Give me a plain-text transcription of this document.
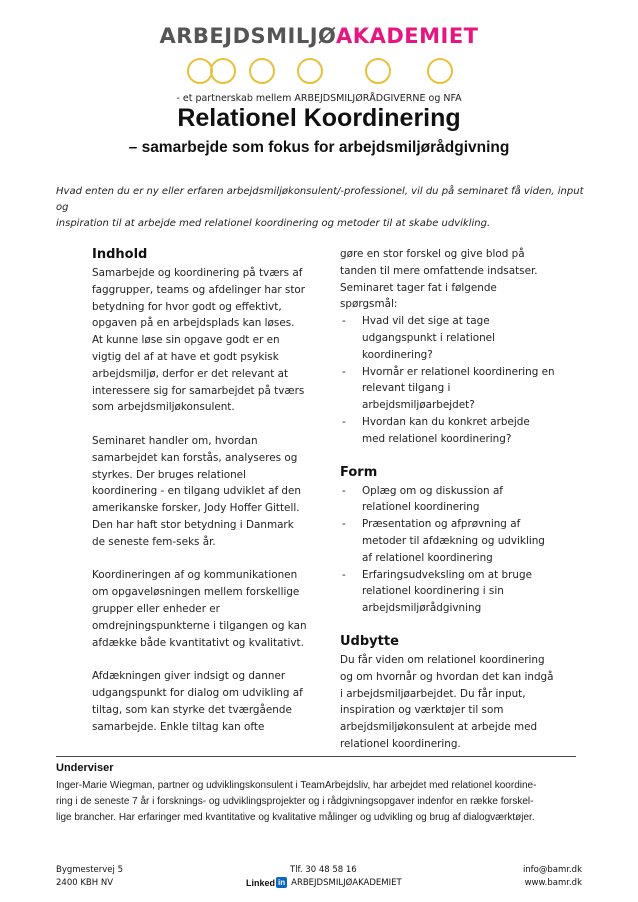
ARBEJDSMILJØAKADEMIET
- et partnerskab mellem ARBEJDSMILJØRÅDGIVERNE og NFA
Relationel Koordinering
– samarbejde som fokus for arbejdsmiljørådgivning
Hvad enten du er ny eller erfaren arbejdsmiljøkonsulent/-professionel, vil du på seminaret få viden, input og
inspiration til at arbejde med relationel koordinering og metoder til at skabe udvikling.
Indhold

Samarbejde og koordinering på tværs af faggrupper, teams og afdelinger har stor betydning for hvor godt og effektivt, opgaven på en arbejdsplads kan løses. At kunne løse sin opgave godt er en vigtig del af at have et godt psykisk arbejdsmiljø, derfor er det relevant at interessere sig for samarbejdet på tværs som arbejdsmiljøkonsulent.

Seminaret handler om, hvordan samarbejdet kan forstås, analyseres og styrkes. Der bruges relationel koordinering - en tilgang udviklet af den amerikanske forsker, Jody Hoffer Gittell. Den har haft stor betydning i Danmark de seneste fem-seks år.

Koordineringen af og kommunikationen om opgaveløsningen mellem forskellige grupper eller enheder er omdrejningspunkterne i tilgangen og kan afdække både kvantitativt og kvalitativt.

Afdækningen giver indsigt og danner udgangspunkt for dialog om udvikling af tiltag, som kan styrke det tværgående samarbejde. Enkle tiltag kan ofte

gøre en stor forskel og give blod på tanden til mere omfattende indsatser.

Seminaret tager fat i følgende spørgsmål:

- Hvad vil det sige at tage udgangspunkt i relationel koordinering?
- Hvornår er relationel koordinering en relevant tilgang i arbejdsmiljøarbejdet?
- Hvordan kan du konkret arbejde med relationel koordinering?
Form
- Oplæg om og diskussion af relationel koordinering
- Præsentation og afprøvning af metoder til afdækning og udvikling af relationel koordinering
- Erfaringsudveksling om at bruge relationel koordinering i sin arbejdsmiljørådgivning
Udbytte

Du får viden om relationel koordinering og om hvornår og hvordan det kan indgå i arbejdsmiljøarbejdet. Du får input, inspiration og værktøjer til som arbejdsmiljøkonsulent at arbejde med relationel koordinering.

Underviser
Inger-Marie Wiegman, partner og udviklingskonsulent i TeamArbejdsliv, har arbejdet med relationel koordine-
ring i de seneste 7 år i forsknings- og udviklingsprojekter og i rådgivningsopgaver indenfor en række forskel-
lige brancher. Har erfaringer med kvantitative og kvalitative målinger og udvikling og brug af dialogværktøjer.
Bygmestervej 5
2400 KBH NV
Tlf. 30 48 58 16
Linked in ARBEJDSMILJØAKADEMIET
info@bamr.dk
www.bamr.dk
